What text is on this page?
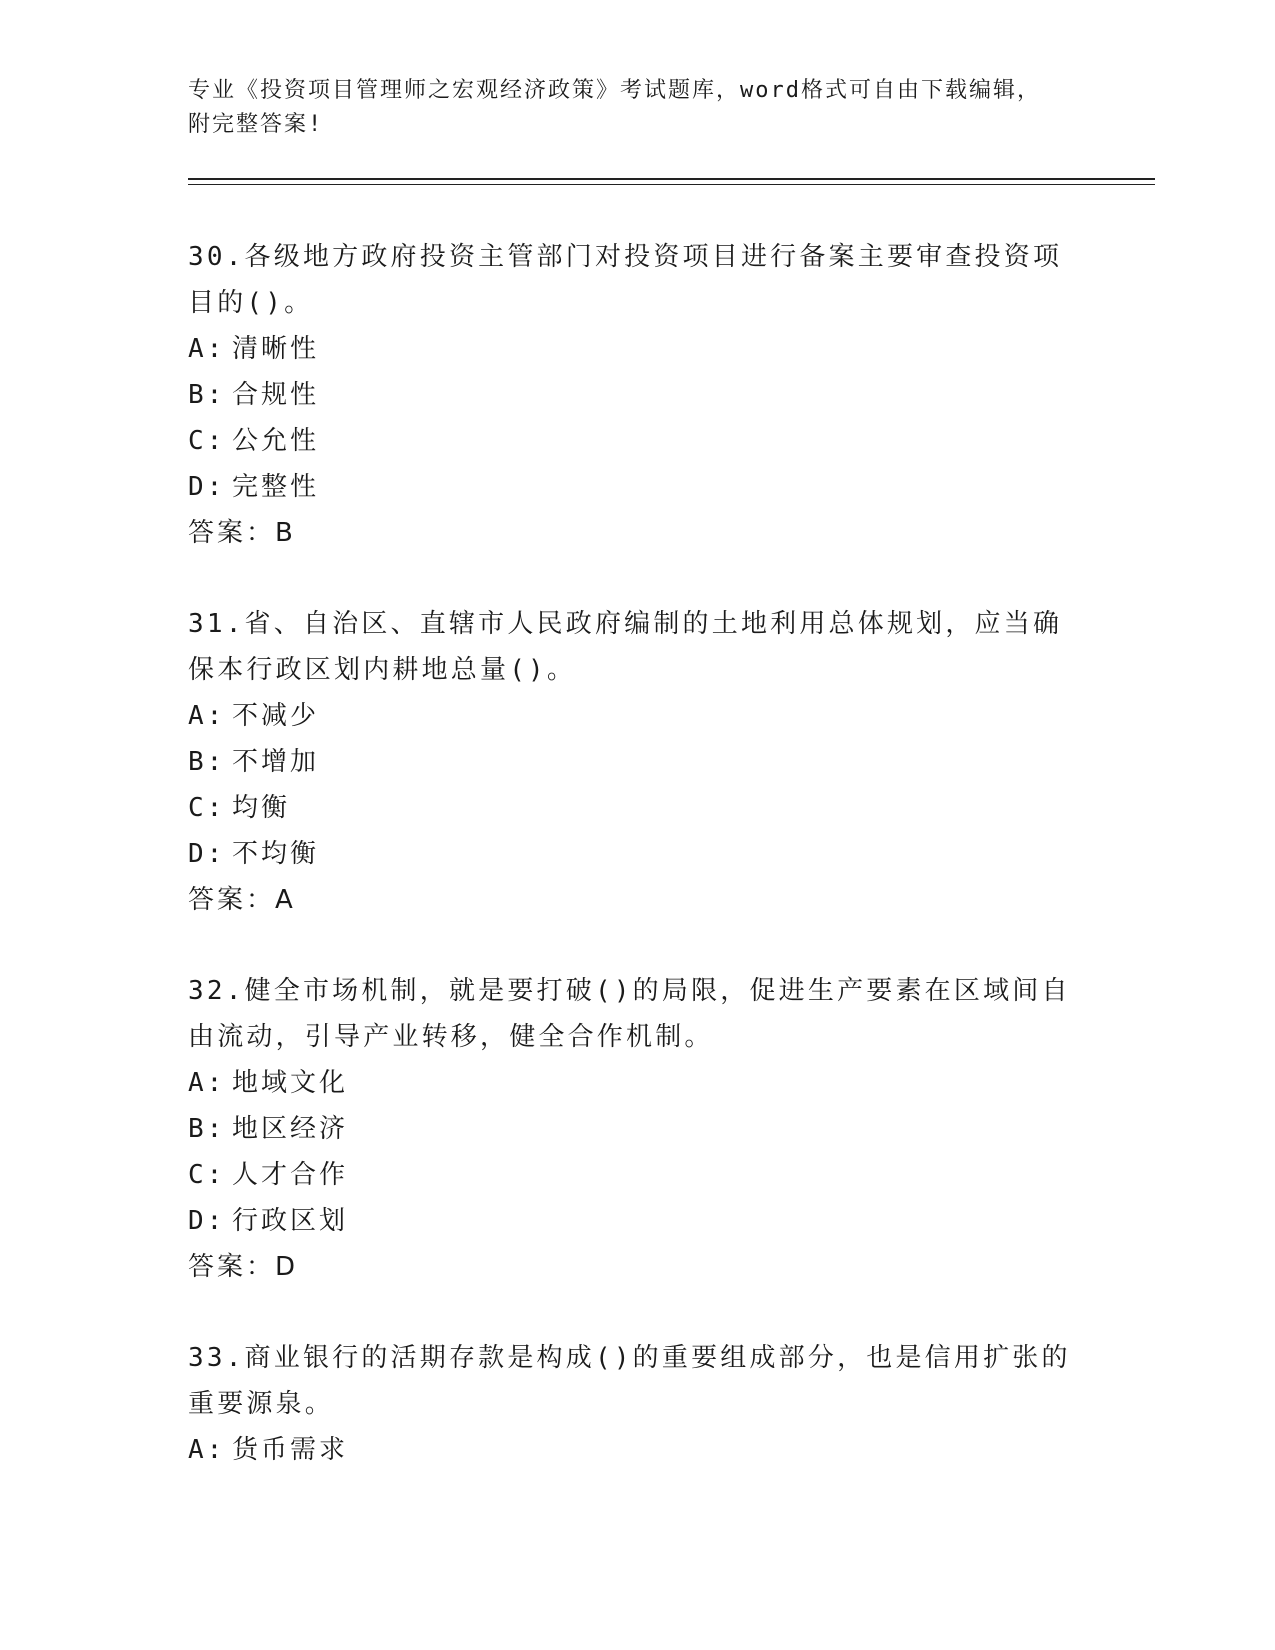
专业《投资项目管理师之宏观经济政策》考试题库，word格式可自由下载编辑，
附完整答案!

30.各级地方政府投资主管部门对投资项目进行备案主要审查投资项目的()。

A: 清晰性

B: 合规性

C: 公允性

D: 完整性

答案：B

31.省、自治区、直辖市人民政府编制的土地利用总体规划，应当确保本行政区划内耕地总量()。

A: 不减少

B: 不增加

C: 均衡

D: 不均衡

答案：A

32.健全市场机制，就是要打破()的局限，促进生产要素在区域间自由流动，引导产业转移，健全合作机制。

A: 地域文化

B: 地区经济

C: 人才合作

D: 行政区划

答案：D

33.商业银行的活期存款是构成()的重要组成部分，也是信用扩张的重要源泉。

A: 货币需求
